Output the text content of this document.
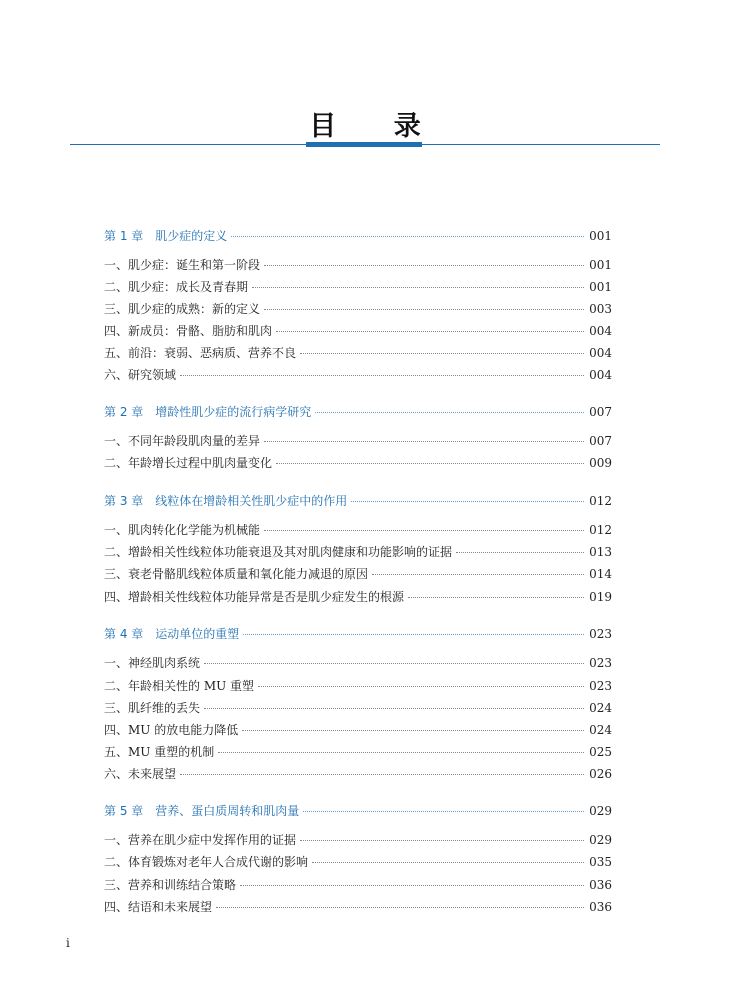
目 录
第 1 章 肌少症的定义	001
一、肌少症：诞生和第一阶段	001
二、肌少症：成长及青春期	001
三、肌少症的成熟：新的定义	003
四、新成员：骨骼、脂肪和肌肉	004
五、前沿：衰弱、恶病质、营养不良	004
六、研究领域	004
第 2 章 增龄性肌少症的流行病学研究	007
一、不同年龄段肌肉量的差异	007
二、年龄增长过程中肌肉量变化	009
第 3 章 线粒体在增龄相关性肌少症中的作用	012
一、肌肉转化化学能为机械能	012
二、增龄相关性线粒体功能衰退及其对肌肉健康和功能影响的证据	013
三、衰老骨骼肌线粒体质量和氧化能力减退的原因	014
四、增龄相关性线粒体功能异常是否是肌少症发生的根源	019
第 4 章 运动单位的重塑	023
一、神经肌肉系统	023
二、年龄相关性的 MU 重塑	023
三、肌纤维的丢失	024
四、MU 的放电能力降低	024
五、MU 重塑的机制	025
六、未来展望	026
第 5 章 营养、蛋白质周转和肌肉量	029
一、营养在肌少症中发挥作用的证据	029
二、体育锻炼对老年人合成代谢的影响	035
三、营养和训练结合策略	036
四、结语和未来展望	036
i
